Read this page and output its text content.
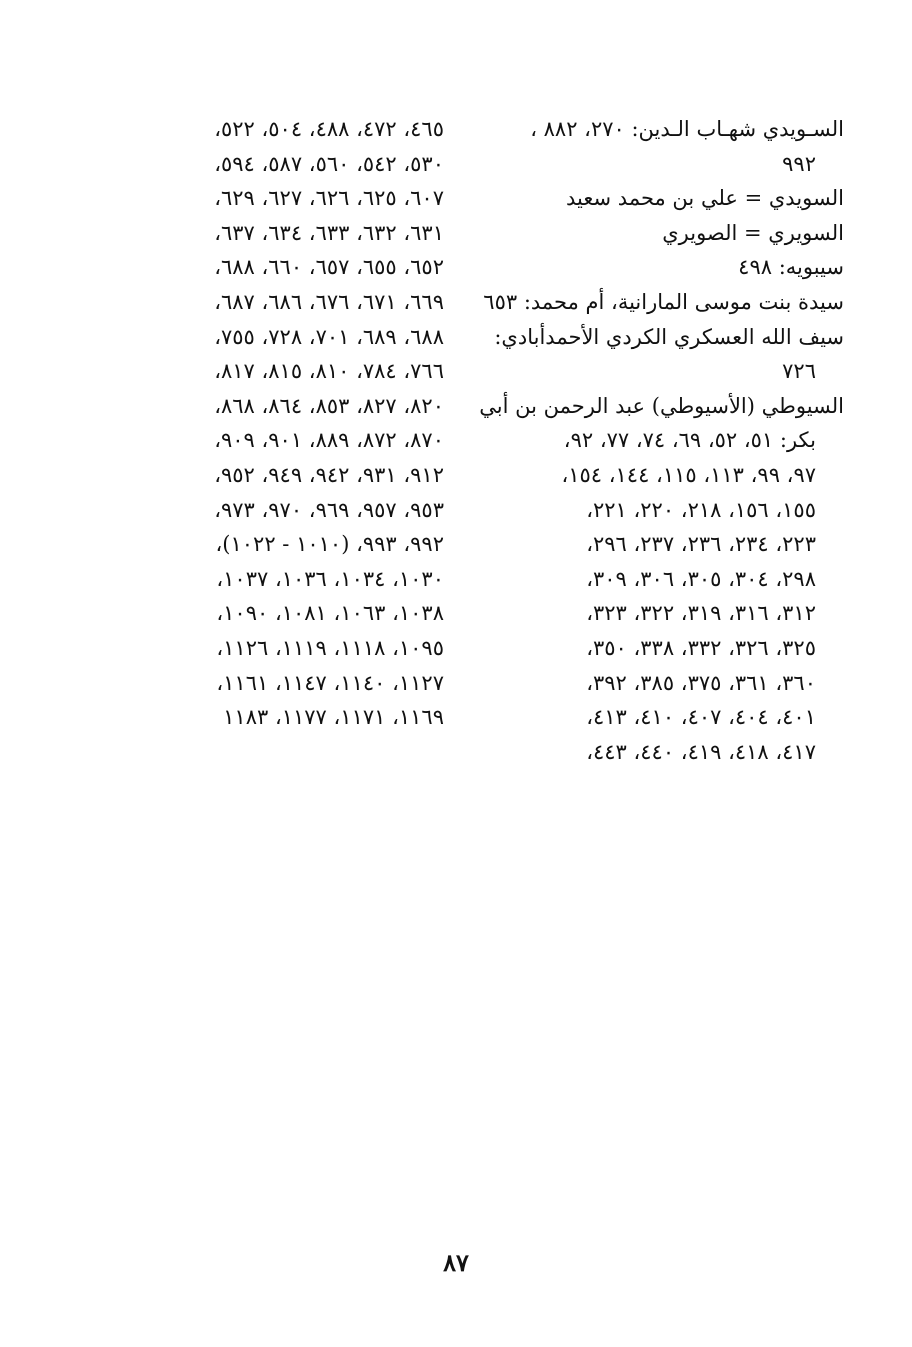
السـويدي شهـاب الـدين: ٢٧٠، ٨٨٢ ،
٩٩٢
السويدي = علي بن محمد سعيد
السويري = الصويري
سيبويه: ٤٩٨
سيدة بنت موسى المارانية، أم محمد: ٦٥٣
سيف الله العسكري الكردي الأحمدأبادي:
٧٢٦
السيوطي (الأسيوطي) عبد الرحمن بن أبي
بكر: ٥١، ٥٢، ٦٩، ٧٤، ٧٧، ٩٢،
٩٧، ٩٩، ١١٣، ١١٥، ١٤٤، ١٥٤،
١٥٥، ١٥٦، ٢١٨، ٢٢٠، ٢٢١،
٢٢٣، ٢٣٤، ٢٣٦، ٢٣٧، ٢٩٦،
٢٩٨، ٣٠٤، ٣٠٥، ٣٠٦، ٣٠٩،
٣١٢، ٣١٦، ٣١٩، ٣٢٢، ٣٢٣،
٣٢٥، ٣٢٦، ٣٣٢، ٣٣٨، ٣٥٠،
٣٦٠، ٣٦١، ٣٧٥، ٣٨٥، ٣٩٢،
٤٠١، ٤٠٤، ٤٠٧، ٤١٠، ٤١٣،
٤١٧، ٤١٨، ٤١٩، ٤٤٠، ٤٤٣،
٤٦٥، ٤٧٢، ٤٨٨، ٥٠٤، ٥٢٢،
٥٣٠، ٥٤٢، ٥٦٠، ٥٨٧، ٥٩٤،
٦٠٧، ٦٢٥، ٦٢٦، ٦٢٧، ٦٢٩،
٦٣١، ٦٣٢، ٦٣٣، ٦٣٤، ٦٣٧،
٦٥٢، ٦٥٥، ٦٥٧، ٦٦٠، ٦٨٨،
٦٦٩، ٦٧١، ٦٧٦، ٦٨٦، ٦٨٧،
٦٨٨، ٦٨٩، ٧٠١، ٧٢٨، ٧٥٥،
٧٦٦، ٧٨٤، ٨١٠، ٨١٥، ٨١٧،
٨٢٠، ٨٢٧، ٨٥٣، ٨٦٤، ٨٦٨،
٨٧٠، ٨٧٢، ٨٨٩، ٩٠١، ٩٠٩،
٩١٢، ٩٣١، ٩٤٢، ٩٤٩، ٩٥٢،
٩٥٣، ٩٥٧، ٩٦٩، ٩٧٠، ٩٧٣،
٩٩٢، ٩٩٣، (١٠١٠ - ١٠٢٢)،
١٠٣٠، ١٠٣٤، ١٠٣٦، ١٠٣٧،
١٠٣٨، ١٠٦٣، ١٠٨١، ١٠٩٠،
١٠٩٥، ١١١٨، ١١١٩، ١١٢٦،
١١٢٧، ١١٤٠، ١١٤٧، ١١٦١،
١١٦٩، ١١٧١، ١١٧٧، ١١٨٣
٨٧
